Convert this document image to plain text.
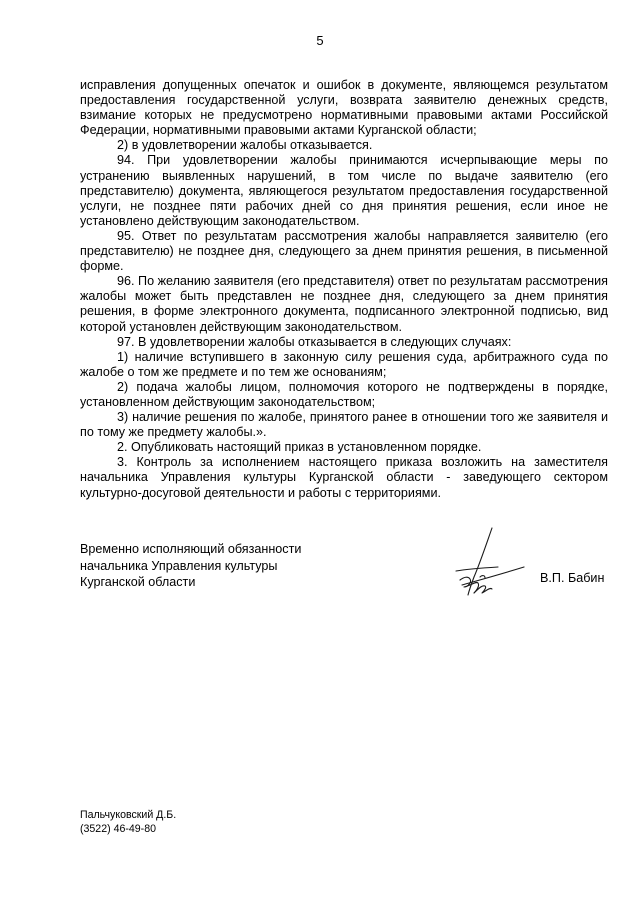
5

исправления допущенных опечаток и ошибок в документе, являющемся результатом предоставления государственной услуги, возврата заявителю денежных средств, взимание которых не предусмотрено нормативными правовыми актами Российской Федерации, нормативными правовыми актами Курганской области;

2) в удовлетворении жалобы отказывается.

94. При удовлетворении жалобы принимаются исчерпывающие меры по устранению выявленных нарушений, в том числе по выдаче заявителю (его представителю) документа, являющегося результатом предоставления государственной услуги, не позднее пяти рабочих дней со дня принятия решения, если иное не установлено действующим законодательством.

95. Ответ по результатам рассмотрения жалобы направляется заявителю (его представителю) не позднее дня, следующего за днем принятия решения, в письменной форме.

96. По желанию заявителя (его представителя) ответ по результатам рассмотрения жалобы может быть представлен не позднее дня, следующего за днем принятия решения, в форме электронного документа, подписанного электронной подписью, вид которой установлен действующим законодательством.

97. В удовлетворении жалобы отказывается в следующих случаях:

1) наличие вступившего в законную силу решения суда, арбитражного суда по жалобе о том же предмете и по тем же основаниям;

2) подача жалобы лицом, полномочия которого не подтверждены в порядке, установленном действующим законодательством;

3) наличие решения по жалобе, принятого ранее в отношении того же заявителя и по тому же предмету жалобы.».

2. Опубликовать настоящий приказ в установленном порядке.

3. Контроль за исполнением настоящего приказа возложить на заместителя начальника Управления культуры Курганской области - заведующего сектором культурно-досуговой деятельности и работы с территориями.

Временно исполняющий обязанности
начальника Управления культуры
Курганской области	В.П. Бабин
Пальчуковский Д.Б.
(3522) 46-49-80
